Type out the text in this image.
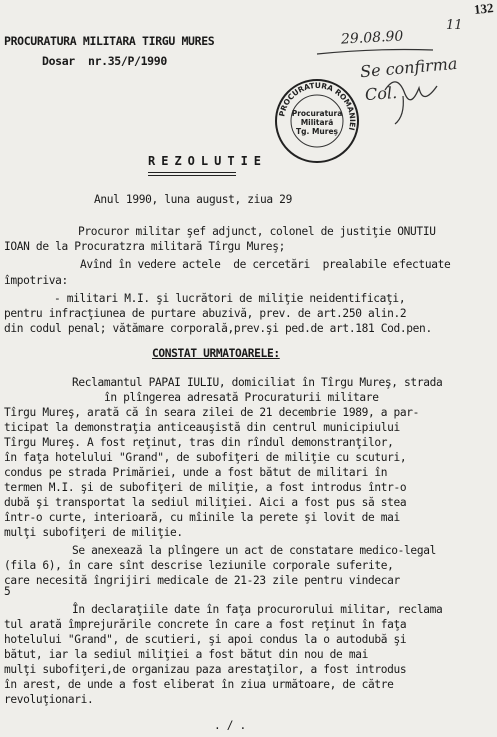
132
29.08.90
11
Se confirma
Col.
PROCURATURA MILITARA TIRGU MURES
Dosar  nr.35/P/1990
PROCURATURA ROMANIEI
Procuratura
Militară
Tg. Mureş
REZOLUTIE
Anul 1990, luna august, ziua 29
Procuror militar şef adjunct, colonel de justiţie ONUTIU
IOAN de la Procuratzra militară Tîrgu Mureş;
Avînd în vedere actele  de cercetări  prealabile efectuate
împotriva:
- militari M.I. şi lucrători de miliţie neidentificaţi,
pentru infracţiunea de purtare abuzivă, prev. de art.250 alin.2
din codul penal; vătămare corporală,prev.şi ped.de art.181 Cod.pen.
CONSTAT URMATOARELE:
Reclamantul PAPAI IULIU, domiciliat în Tîrgu Mureş, strada
în plîngerea adresată Procuraturii militare
Tîrgu Mureş, arată că în seara zilei de 21 decembrie 1989, a par-
ticipat la demonstraţia anticeauşistă din centrul municipiului
Tîrgu Mureş. A fost reţinut, tras din rîndul demonstranţilor,
în faţa hotelului "Grand", de subofiţeri de miliţie cu scuturi,
condus pe strada Primăriei, unde a fost bătut de militari în
termen M.I. şi de subofiţeri de miliţie, a fost introdus într-o
dubă şi transportat la sediul miliţiei. Aici a fost pus să stea
într-o curte, interioară, cu mîinile la perete şi lovit de mai
mulţi subofiţeri de miliţie.
Se anexează la plîngere un act de constatare medico-legal
(fila 6), în care sînt descrise leziunile corporale suferite,
care necesită îngrijiri medicale de 21-23 zile pentru vindecar
5
În declaraţiile date în faţa procurorului militar, reclama
tul arată împrejurările concrete în care a fost reţinut în faţa
hotelului "Grand", de scutieri, şi apoi condus la o autodubă şi
bătut, iar la sediul miliţiei a fost bătut din nou de mai
mulţi subofiţeri,de organizau paza arestaţilor, a fost introdus
în arest, de unde a fost eliberat în ziua următoare, de către
revoluţionari.
. / .
